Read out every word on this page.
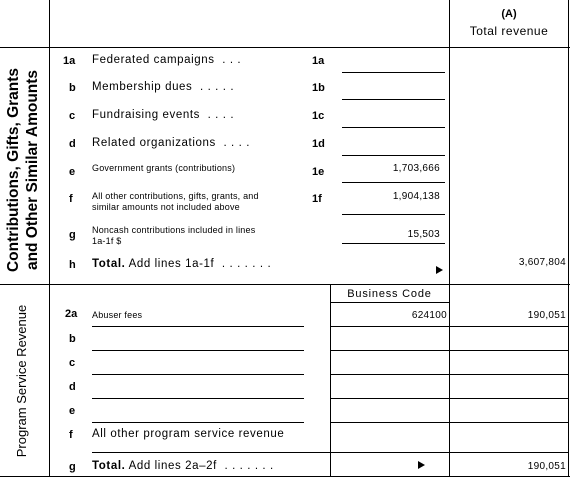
(A)
Total revenue
Contributions, Gifts, Grants and Other Similar Amounts
Program Service Revenue
1a Federated campaigns . . .	1a
b Membership dues . . . . .	1b
c Fundraising events . . . .	1c
d Related organizations . . . .	1d
e Government grants (contributions)	1e	1,703,666
f All other contributions, gifts, grants, and
similar amounts not included above
1f	1,904,138
g Noncash contributions included in lines
1a-1f $
15,503
h Total. Add lines 1a-1f . . . . . . .	3,607,804
Business Code
2a Abuser fees	624100	190,051
b
c
d
e
f All other program service revenue
g Total. Add lines 2a–2f . . . . . . .	190,051
